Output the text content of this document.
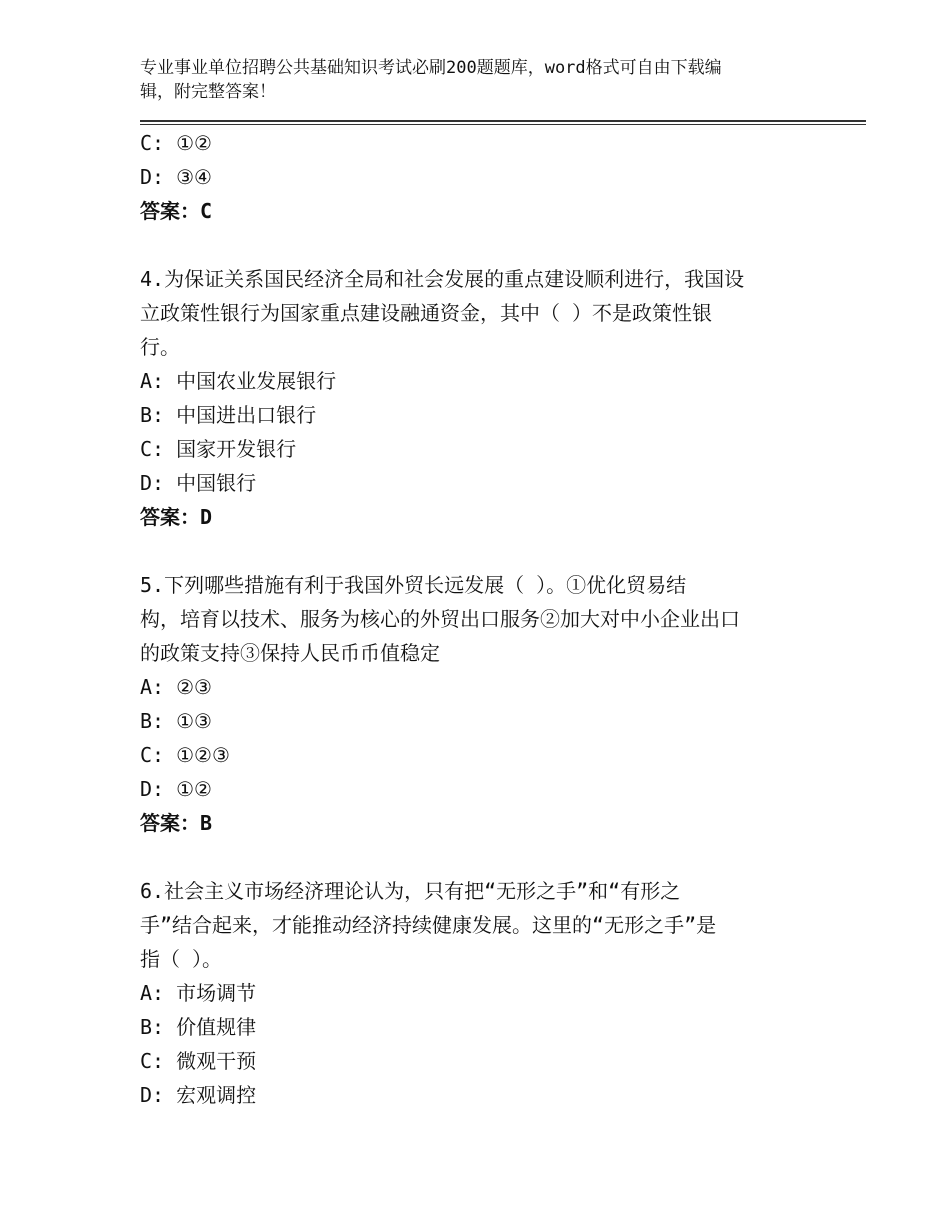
专业事业单位招聘公共基础知识考试必刷200题题库，word格式可自由下载编
辑，附完整答案！
C: ①②
D: ③④
答案：C
4.为保证关系国民经济全局和社会发展的重点建设顺利进行，我国设
立政策性银行为国家重点建设融通资金，其中（ ）不是政策性银
行。
A: 中国农业发展银行
B: 中国进出口银行
C: 国家开发银行
D: 中国银行
答案：D
5.下列哪些措施有利于我国外贸长远发展（ ）。①优化贸易结
构，培育以技术、服务为核心的外贸出口服务②加大对中小企业出口
的政策支持③保持人民币币值稳定
A: ②③
B: ①③
C: ①②③
D: ①②
答案：B
6.社会主义市场经济理论认为，只有把“无形之手”和“有形之
手”结合起来，才能推动经济持续健康发展。这里的“无形之手”是
指（ ）。
A: 市场调节
B: 价值规律
C: 微观干预
D: 宏观调控
